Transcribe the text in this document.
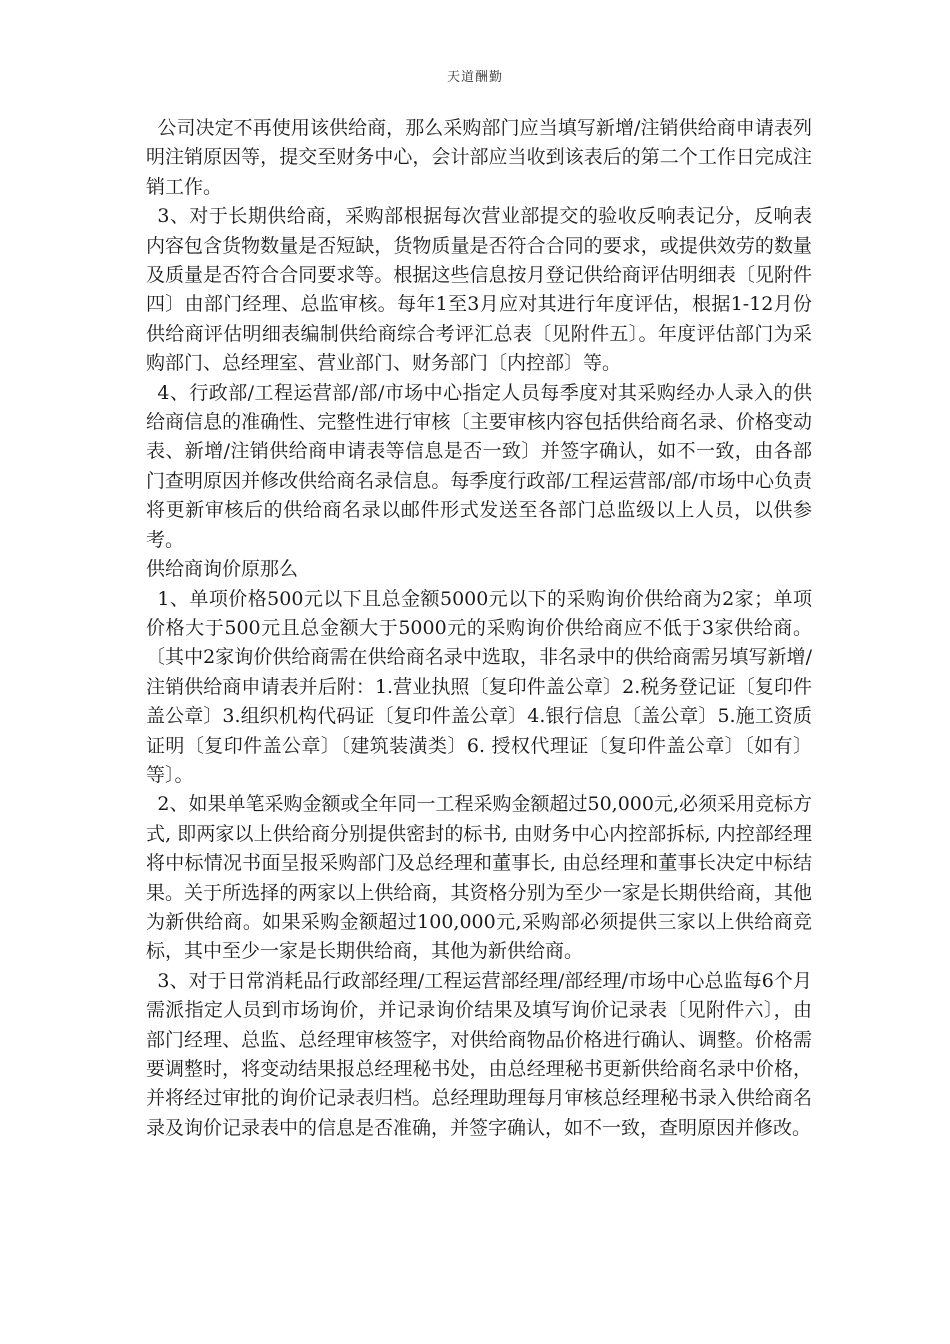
天道酬勤

公司决定不再使用该供给商，那么采购部门应当填写新增/注销供给商申请表列明注销原因等，提交至财务中心，会计部应当收到该表后的第二个工作日完成注销工作。

3、对于长期供给商，采购部根据每次营业部提交的验收反响表记分，反响表内容包含货物数量是否短缺，货物质量是否符合合同的要求，或提供效劳的数量及质量是否符合合同要求等。根据这些信息按月登记供给商评估明细表〔见附件四〕由部门经理、总监审核。每年1至3月应对其进行年度评估，根据1-12月份供给商评估明细表编制供给商综合考评汇总表〔见附件五〕。年度评估部门为采购部门、总经理室、营业部门、财务部门〔内控部〕等。

4、行政部/工程运营部/部/市场中心指定人员每季度对其采购经办人录入的供给商信息的准确性、完整性进行审核〔主要审核内容包括供给商名录、价格变动表、新增/注销供给商申请表等信息是否一致〕并签字确认，如不一致，由各部门查明原因并修改供给商名录信息。每季度行政部/工程运营部/部/市场中心负责将更新审核后的供给商名录以邮件形式发送至各部门总监级以上人员，以供参考。

供给商询价原那么

1、单项价格500元以下且总金额5000元以下的采购询价供给商为2家；单项价格大于500元且总金额大于5000元的采购询价供给商应不低于3家供给商。〔其中2家询价供给商需在供给商名录中选取，非名录中的供给商需另填写新增/注销供给商申请表并后附：1.营业执照〔复印件盖公章〕2.税务登记证〔复印件盖公章〕3.组织机构代码证〔复印件盖公章〕4.银行信息〔盖公章〕5.施工资质证明〔复印件盖公章〕〔建筑装潢类〕6. 授权代理证〔复印件盖公章〕〔如有〕等〕。

2、如果单笔采购金额或全年同一工程采购金额超过50,000元,必须采用竞标方式, 即两家以上供给商分别提供密封的标书, 由财务中心内控部拆标, 内控部经理将中标情况书面呈报采购部门及总经理和董事长, 由总经理和董事长决定中标结果。关于所选择的两家以上供给商，其资格分别为至少一家是长期供给商，其他为新供给商。如果采购金额超过100,000元,采购部必须提供三家以上供给商竞标，其中至少一家是长期供给商，其他为新供给商。

3、对于日常消耗品行政部经理/工程运营部经理/部经理/市场中心总监每6个月需派指定人员到市场询价，并记录询价结果及填写询价记录表〔见附件六〕，由部门经理、总监、总经理审核签字，对供给商物品价格进行确认、调整。价格需要调整时，将变动结果报总经理秘书处，由总经理秘书更新供给商名录中价格，并将经过审批的询价记录表归档。总经理助理每月审核总经理秘书录入供给商名录及询价记录表中的信息是否准确，并签字确认，如不一致，查明原因并修改。
